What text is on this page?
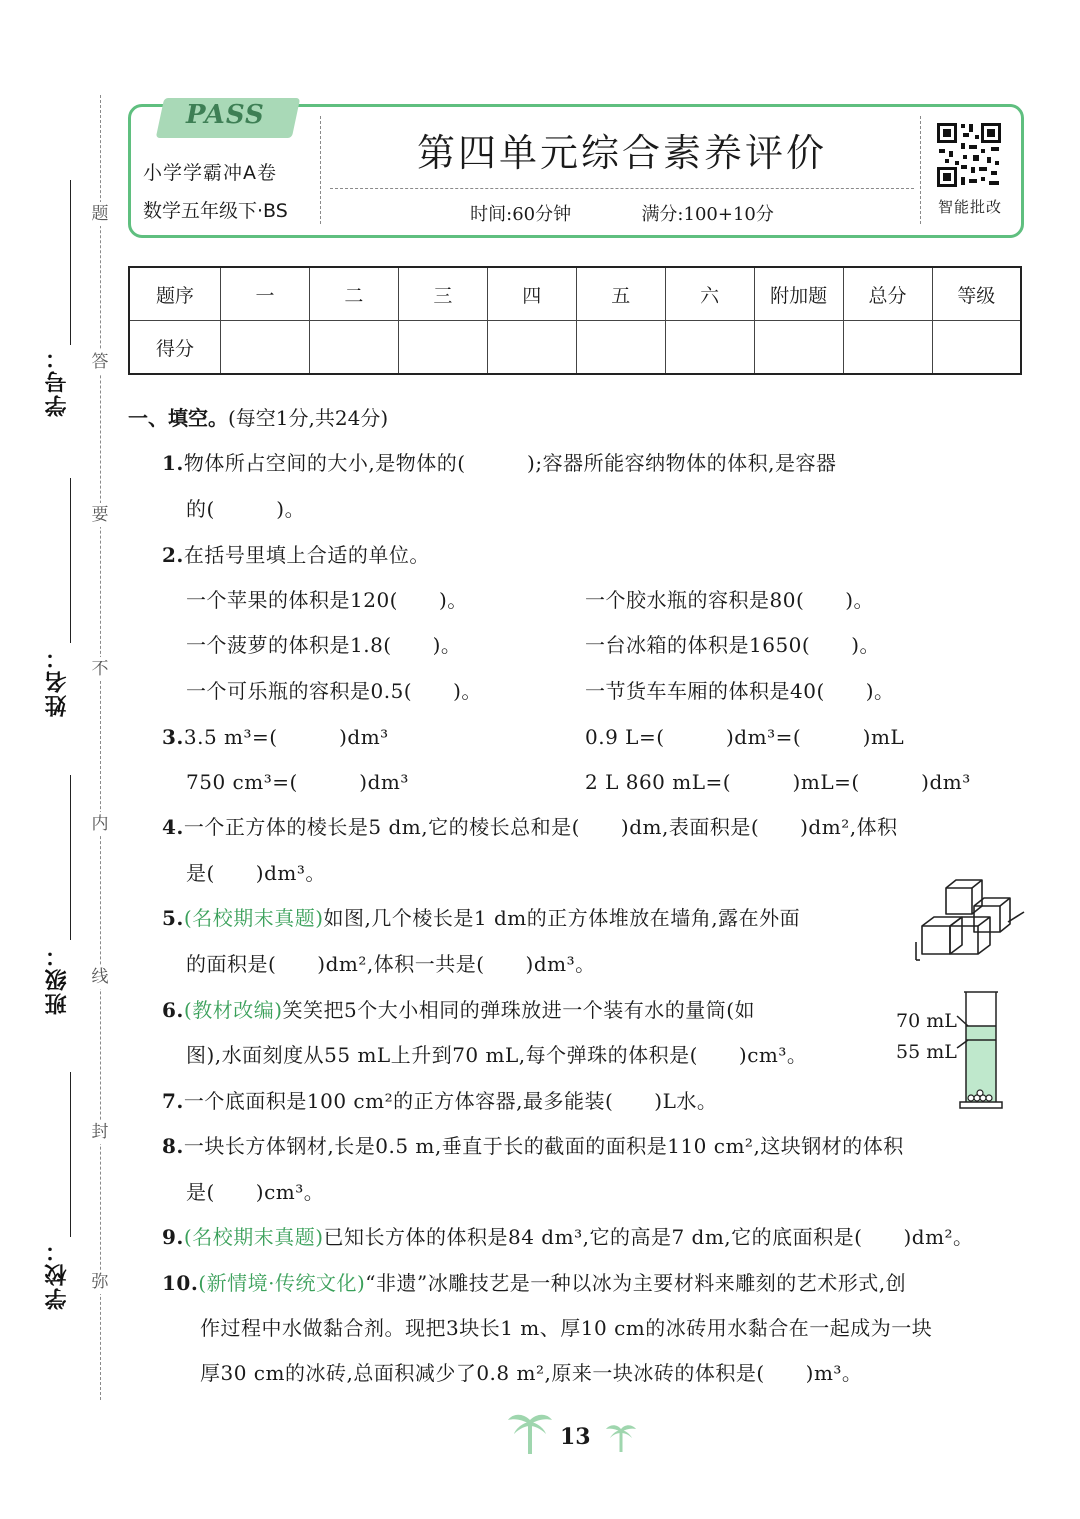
题
答
要
不
内
线
封
弥
学号：
姓名：
班级：
学校：
PASS
小学学霸冲A卷
数学五年级下·BS
第四单元综合素养评价
时间:60分钟	满分:100+10分	智能批改
题序	一	二	三	四	五	六	附加题	总分	等级
得分									
一、填空。(每空1分,共24分)
1.物体所占空间的大小,是物体的(　　　);容器所能容纳物体的体积,是容器
的(　　　)。
2.在括号里填上合适的单位。
一个苹果的体积是120(　　)。	一个胶水瓶的容积是80(　　)。
一个菠萝的体积是1.8(　　)。	一台冰箱的体积是1650(　　)。
一个可乐瓶的容积是0.5(　　)。	一节货车车厢的体积是40(　　)。
3.3.5 m³=(　　　)dm³	0.9 L=(　　　)dm³=(　　　)mL
750 cm³=(　　　)dm³	2 L 860 mL=(　　　)mL=(　　　)dm³
4.一个正方体的棱长是5 dm,它的棱长总和是(　　)dm,表面积是(　　)dm²,体积
是(　　)dm³。
5.(名校期末真题)如图,几个棱长是1 dm的正方体堆放在墙角,露在外面
的面积是(　　)dm²,体积一共是(　　)dm³。
6.(教材改编)笑笑把5个大小相同的弹珠放进一个装有水的量筒(如
图),水面刻度从55 mL上升到70 mL,每个弹珠的体积是(　　)cm³。
70 mL
55 mL
7.一个底面积是100 cm²的正方体容器,最多能装(　　)L水。
8.一块长方体钢材,长是0.5 m,垂直于长的截面的面积是110 cm²,这块钢材的体积
是(　　)cm³。
9.(名校期末真题)已知长方体的体积是84 dm³,它的高是7 dm,它的底面积是(　　)dm²。
10.(新情境·传统文化)“非遗”冰雕技艺是一种以冰为主要材料来雕刻的艺术形式,创
作过程中水做黏合剂。现把3块长1 m、厚10 cm的冰砖用水黏合在一起成为一块
厚30 cm的冰砖,总面积减少了0.8 m²,原来一块冰砖的体积是(　　)m³。
13
